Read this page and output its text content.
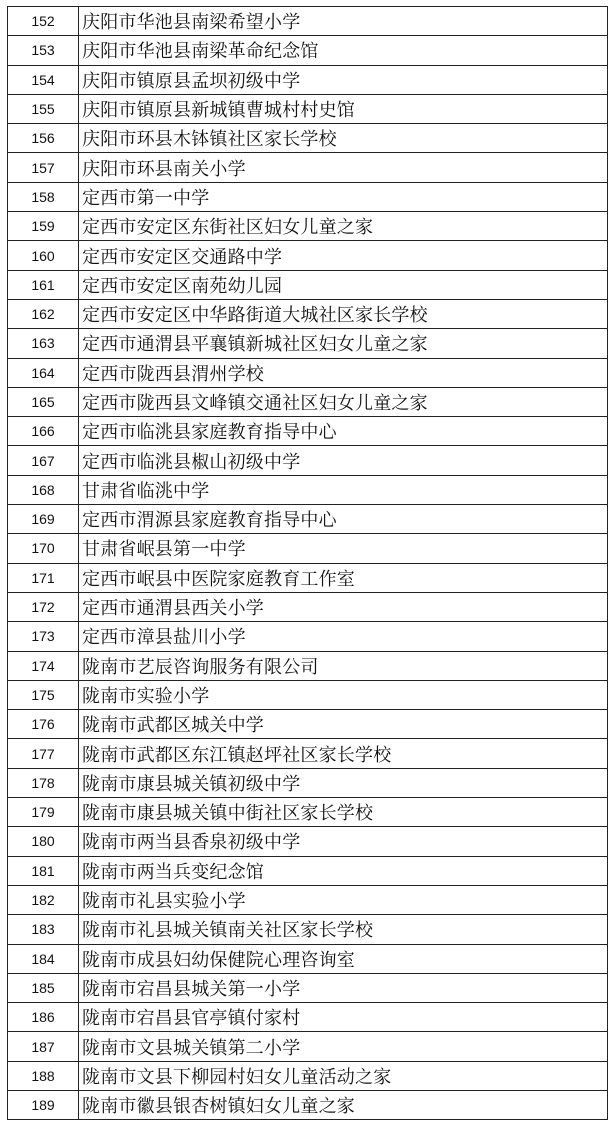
152	庆阳市华池县南梁希望小学
153	庆阳市华池县南梁革命纪念馆
154	庆阳市镇原县孟坝初级中学
155	庆阳市镇原县新城镇曹城村村史馆
156	庆阳市环县木钵镇社区家长学校
157	庆阳市环县南关小学
158	定西市第一中学
159	定西市安定区东街社区妇女儿童之家
160	定西市安定区交通路中学
161	定西市安定区南苑幼儿园
162	定西市安定区中华路街道大城社区家长学校
163	定西市通渭县平襄镇新城社区妇女儿童之家
164	定西市陇西县渭州学校
165	定西市陇西县文峰镇交通社区妇女儿童之家
166	定西市临洮县家庭教育指导中心
167	定西市临洮县椒山初级中学
168	甘肃省临洮中学
169	定西市渭源县家庭教育指导中心
170	甘肃省岷县第一中学
171	定西市岷县中医院家庭教育工作室
172	定西市通渭县西关小学
173	定西市漳县盐川小学
174	陇南市艺辰咨询服务有限公司
175	陇南市实验小学
176	陇南市武都区城关中学
177	陇南市武都区东江镇赵坪社区家长学校
178	陇南市康县城关镇初级中学
179	陇南市康县城关镇中街社区家长学校
180	陇南市两当县香泉初级中学
181	陇南市两当兵变纪念馆
182	陇南市礼县实验小学
183	陇南市礼县城关镇南关社区家长学校
184	陇南市成县妇幼保健院心理咨询室
185	陇南市宕昌县城关第一小学
186	陇南市宕昌县官亭镇付家村
187	陇南市文县城关镇第二小学
188	陇南市文县下柳园村妇女儿童活动之家
189	陇南市徽县银杏树镇妇女儿童之家
